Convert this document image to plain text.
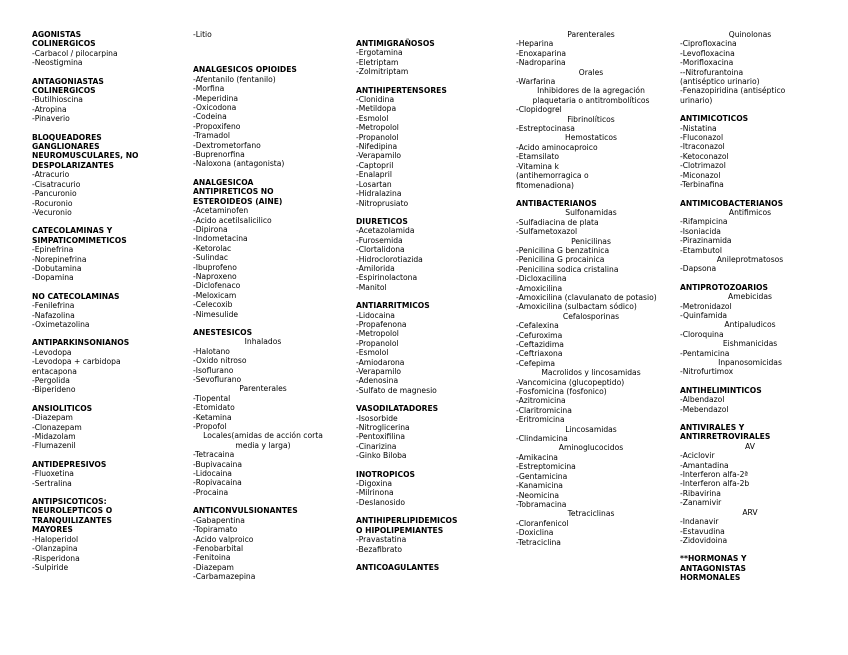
AGONISTAS
COLINERGICOS
-Carbacol / pilocarpina
-Neostigmina
ANTAGONIASTAS
COLINERGICOS
-Butilhioscina
-Atropina
-Pinaverio
BLOQUEADORES
GANGLIONARES
NEUROMUSCULARES, NO
DESPOLARIZANTES
-Atracurio
-Cisatracurio
-Pancuronio
-Rocuronio
-Vecuronio
CATECOLAMINAS Y
SIMPATICOMIMETICOS
-Epinefrina
-Norepinefrina
-Dobutamina
-Dopamina
NO CATECOLAMINAS
-Fenilefrina
-Nafazolina
-Oximetazolina
ANTIPARKINSONIANOS
-Levodopa
-Levodopa + carbidopa
entacapona
-Pergolida
-Biperideno
ANSIOLITICOS
-Diazepam
-Clonazepam
-Midazolam
-Flumazenil
ANTIDEPRESIVOS
-Fluoxetina
-Sertralina
ANTIPSICOTICOS:
NEUROLEPTICOS O
TRANQUILIZANTES
MAYORES
-Haloperidol
-Olanzapina
-Risperidona
-Sulpiride
-Litio
ANALGESICOS OPIOIDES
-Afentanilo (fentanilo)
-Morfina
-Meperidina
-Oxicodona
-Codeina
-Propoxifeno
-Tramadol
-Dextrometorfano
-Buprenorfina
-Naloxona (antagonista)
ANALGESICOA
ANTIPIRETICOS NO
ESTEROIDEOS (AINE)
-Acetaminofen
-Acido acetilsalicilico
-Dipirona
-Indometacina
-Ketorolac
-Sulindac
-Ibuprofeno
-Naproxeno
-Diclofenaco
-Meloxicam
-Celecoxib
-Nimesulide
ANESTESICOS
Inhalados
-Halotano
-Oxido nitroso
-Isoflurano
-Sevoflurano
Parenterales
-Tiopental
-Etomidato
-Ketamina
-Propofol
Locales(amidas de acción corta media y larga)
-Tetracaina
-Bupivacaina
-Lidocaina
-Ropivacaina
-Procaina
ANTICONVULSIONANTES
-Gabapentina
-Topiramato
-Acido valproico
-Fenobarbital
-Fenitoina
-Diazepam
-Carbamazepina
ANTIMIGRAÑOSOS
-Ergotamina
-Eletriptam
-Zolmitriptam
ANTIHIPERTENSORES
-Clonidina
-Metildopa
-Esmolol
-Metropolol
-Propanolol
-Nifedipina
-Verapamilo
-Captopril
-Enalapril
-Losartan
-Hidralazina
-Nitroprusiato
DIURETICOS
-Acetazolamida
-Furosemida
-Clortalidona
-Hidroclorotiazida
-Amilorida
-Espirinolactona
-Manitol
ANTIARRITMICOS
-Lidocaina
-Propafenona
-Metropolol
-Propanolol
-Esmolol
-Amiodarona
-Verapamilo
-Adenosina
-Sulfato de magnesio
VASODILATADORES
-Isosorbide
-Nitroglicerina
-Pentoxifilina
-Cinarizina
-Ginko Biloba
INOTROPICOS
-Digoxina
-Milrinona
-Deslanosido
ANTIHIPERLIPIDEMICOS
O HIPOLIPEMIANTES
-Pravastatina
-Bezafibrato
ANTICOAGULANTES
Parenterales
-Heparina
-Enoxaparina
-Nadroparina
Orales
-Warfarina
Inhibidores de la agregación plaquetaria o antitrombolíticos
-Clopidogrel
Fibrinolíticos
-Estreptocinasa
Hemostaticos
-Acido aminocaproico
-Etamsilato
-Vitamina k
(antihemorragica o
fitomenadiona)
ANTIBACTERIANOS
Sulfonamidas
-Sulfadiacina de plata
-Sulfametoxazol
Penicilinas
-Penicilina G benzatinica
-Penicilina G procainica
-Penicilina sodica cristalina
-Dicloxacilina
-Amoxicilina
-Amoxicilina (clavulanato de potasio)
-Amoxicilina (sulbactam sódico)
Cefalosporinas
-Cefalexina
-Cefuroxima
-Ceftazidima
-Ceftriaxona
-Cefepima
Macrolidos y lincosamidas
-Vancomicina (glucopeptido)
-Fosfomicina (fosfonico)
-Azitromicina
-Claritromicina
-Eritromicina
Lincosamidas
-Clindamicina
Aminoglucocidos
-Amikacina
-Estreptomicina
-Gentamicina
-Kanamicina
-Neomicina
-Tobramacina
Tetraciclinas
-Cloranfenicol
-Doxiclina
-Tetraciclina
Quinolonas
-Ciprofloxacina
-Levofloxacina
-Morifloxacina
--Nitrofurantoina
(antiséptico urinario)
-Fenazopiridina (antiséptico urinario)
ANTIMICOTICOS
-Nistatina
-Fluconazol
-Itraconazol
-Ketoconazol
-Clotrimazol
-Miconazol
-Terbinafina
ANTIMICOBACTERIANOS
Antifimicos
-Rifampicina
-Isoniacida
-Pirazinamida
-Etambutol
Anileprotmatosos
-Dapsona
ANTIPROTOZOARIOS
Amebicidas
-Metronidazol
-Quinfamida
Antipaludicos
-Cloroquina
Eishmanicidas
-Pentamicina
Inpanosomicidas
-Nitrofurtimox
ANTIHELIMINTICOS
-Albendazol
-Mebendazol
ANTIVIRALES Y
ANTIRRETROVIRALES
AV
-Aciclovir
-Amantadina
-Interferon alfa-2ª
-Interferon alfa-2b
-Ribavirina
-Zanamivir
ARV
-Indanavir
-Estavudina
-Zidovidoina
**HORMONAS Y
ANTAGONISTAS
HORMONALES
